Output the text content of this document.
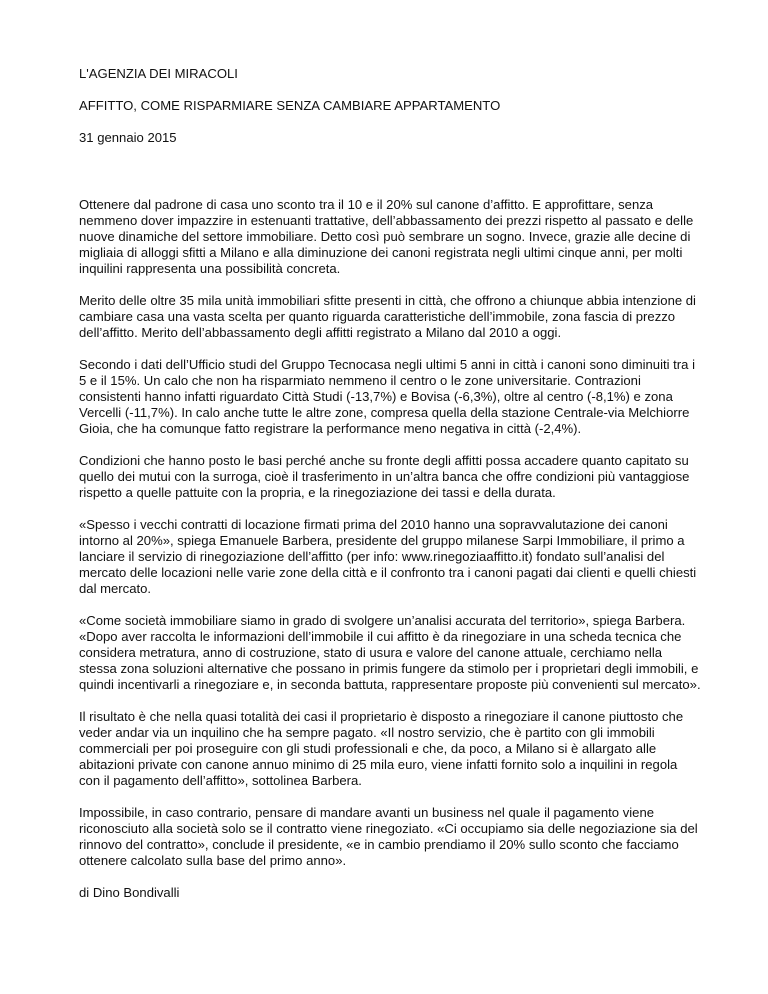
L'AGENZIA DEI MIRACOLI
AFFITTO, COME RISPARMIARE SENZA CAMBIARE APPARTAMENTO
31 gennaio 2015

Ottenere dal padrone di casa uno sconto tra il 10 e il 20% sul canone d’affitto. E approfittare, senza nemmeno dover impazzire in estenuanti trattative, dell’abbassamento dei prezzi rispetto al passato e delle nuove dinamiche del settore immobiliare. Detto così può sembrare un sogno. Invece, grazie alle decine di migliaia di alloggi sfitti a Milano e alla diminuzione dei canoni registrata negli ultimi cinque anni, per molti inquilini rappresenta una possibilità concreta.

Merito delle oltre 35 mila unità immobiliari sfitte presenti in città, che offrono a chiunque abbia intenzione di cambiare casa una vasta scelta per quanto riguarda caratteristiche dell’immobile, zona fascia di prezzo dell’affitto. Merito dell’abbassamento degli affitti registrato a Milano dal 2010 a oggi.

Secondo i dati dell’Ufficio studi del Gruppo Tecnocasa negli ultimi 5 anni in città i canoni sono diminuiti tra i 5 e il 15%. Un calo che non ha risparmiato nemmeno il centro o le zone universitarie. Contrazioni consistenti hanno infatti riguardato Città Studi (-13,7%) e Bovisa (-6,3%), oltre al centro (-8,1%) e zona Vercelli (-11,7%). In calo anche tutte le altre zone, compresa quella della stazione Centrale-via Melchiorre Gioia, che ha comunque fatto registrare la performance meno negativa in città (-2,4%).

Condizioni che hanno posto le basi perché anche su fronte degli affitti possa accadere quanto capitato su quello dei mutui con la surroga, cioè il trasferimento in un’altra banca che offre condizioni più vantaggiose rispetto a quelle pattuite con la propria, e la rinegoziazione dei tassi e della durata.

«Spesso i vecchi contratti di locazione firmati prima del 2010 hanno una sopravvalutazione dei canoni intorno al 20%», spiega Emanuele Barbera, presidente del gruppo milanese Sarpi Immobiliare, il primo a lanciare il servizio di rinegoziazione dell’affitto (per info: www.rinegoziaaffitto.it) fondato sull’analisi del mercato delle locazioni nelle varie zone della città e il confronto tra i canoni pagati dai clienti e quelli chiesti dal mercato.

«Come società immobiliare siamo in grado di svolgere un’analisi accurata del territorio», spiega Barbera. «Dopo aver raccolta le informazioni dell’immobile il cui affitto è da rinegoziare in una scheda tecnica che considera metratura, anno di costruzione, stato di usura e valore del canone attuale, cerchiamo nella stessa zona soluzioni alternative che possano in primis fungere da stimolo per i proprietari degli immobili, e quindi incentivarli a rinegoziare e, in seconda battuta, rappresentare proposte più convenienti sul mercato».

Il risultato è che nella quasi totalità dei casi il proprietario è disposto a rinegoziare il canone piuttosto che veder andar via un inquilino che ha sempre pagato. «Il nostro servizio, che è partito con gli immobili commerciali per poi proseguire con gli studi professionali e che, da poco, a Milano si è allargato alle abitazioni private con canone annuo minimo di 25 mila euro, viene infatti fornito solo a inquilini in regola con il pagamento dell’affitto», sottolinea Barbera.

Impossibile, in caso contrario, pensare di mandare avanti un business nel quale il pagamento viene riconosciuto alla società solo se il contratto viene rinegoziato. «Ci occupiamo sia delle negoziazione sia del rinnovo del contratto», conclude il presidente, «e in cambio prendiamo il 20% sullo sconto che facciamo ottenere calcolato sulla base del primo anno».

di Dino Bondivalli
